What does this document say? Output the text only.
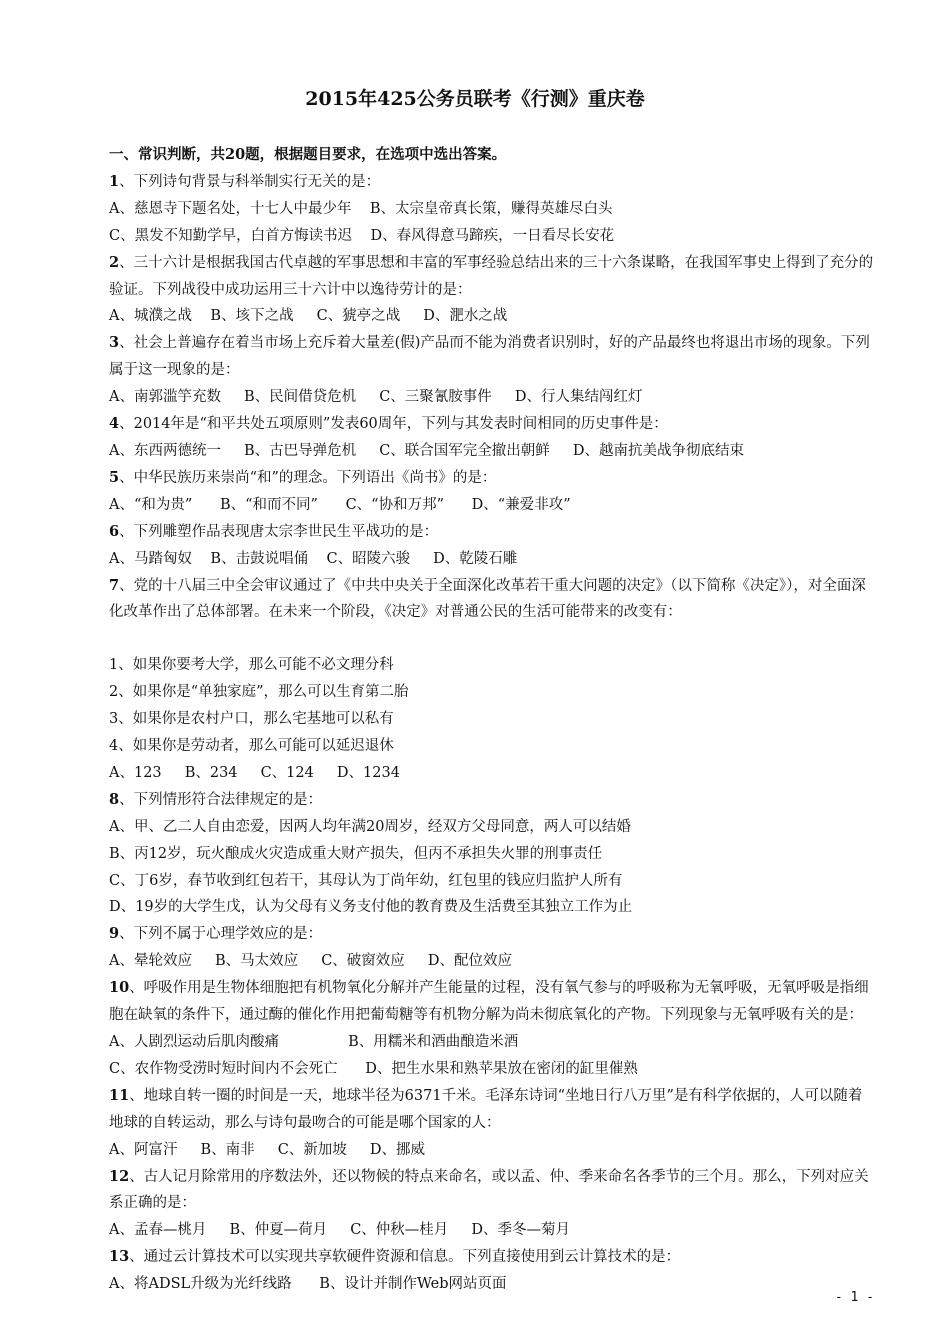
2015年425公务员联考《行测》重庆卷
一、常识判断，共20题，根据题目要求，在选项中选出答案。
1、下列诗句背景与科举制实行无关的是：
A、慈恩寺下题名处，十七人中最少年    B、太宗皇帝真长策，赚得英雄尽白头
C、黑发不知勤学早，白首方悔读书迟    D、春风得意马蹄疾，一日看尽长安花
2、三十六计是根据我国古代卓越的军事思想和丰富的军事经验总结出来的三十六条谋略，在我国军事史上得到了充分的验证。下列战役中成功运用三十六计中以逸待劳计的是：
A、城濮之战    B、垓下之战     C、猇亭之战     D、淝水之战
3、社会上普遍存在着当市场上充斥着大量差(假)产品而不能为消费者识别时，好的产品最终也将退出市场的现象。下列属于这一现象的是：
A、南郭滥竽充数     B、民间借贷危机     C、三聚氰胺事件     D、行人集结闯红灯
4、2014年是“和平共处五项原则”发表60周年，下列与其发表时间相同的历史事件是：
A、东西两德统一     B、古巴导弹危机     C、联合国军完全撤出朝鲜     D、越南抗美战争彻底结束
5、中华民族历来崇尚“和”的理念。下列语出《尚书》的是：
A、“和为贵”      B、“和而不同”      C、“协和万邦”      D、“兼爱非攻”
6、下列雕塑作品表现唐太宗李世民生平战功的是：
A、马踏匈奴    B、击鼓说唱俑    C、昭陵六骏     D、乾陵石雕
7、党的十八届三中全会审议通过了《中共中央关于全面深化改革若干重大问题的决定》（以下简称《决定》），对全面深化改革作出了总体部署。在未来一个阶段，《决定》对普通公民的生活可能带来的改变有：
1、如果你要考大学，那么可能不必文理分科
2、如果你是“单独家庭”，那么可以生育第二胎
3、如果你是农村户口，那么宅基地可以私有
4、如果你是劳动者，那么可能可以延迟退休
A、123     B、234     C、124     D、1234
8、下列情形符合法律规定的是：
A、甲、乙二人自由恋爱，因两人均年满20周岁，经双方父母同意，两人可以结婚
B、丙12岁，玩火酿成火灾造成重大财产损失，但丙不承担失火罪的刑事责任
C、丁6岁，春节收到红包若干，其母认为丁尚年幼，红包里的钱应归监护人所有
D、19岁的大学生戊，认为父母有义务支付他的教育费及生活费至其独立工作为止
9、下列不属于心理学效应的是：
A、晕轮效应     B、马太效应     C、破窗效应     D、配位效应
10、呼吸作用是生物体细胞把有机物氧化分解并产生能量的过程，没有氧气参与的呼吸称为无氧呼吸，无氧呼吸是指细胞在缺氧的条件下，通过酶的催化作用把葡萄糖等有机物分解为尚未彻底氧化的产物。下列现象与无氧呼吸有关的是：
A、人剧烈运动后肌肉酸痛               B、用糯米和酒曲酿造米酒
C、农作物受涝时短时间内不会死亡      D、把生水果和熟苹果放在密闭的缸里催熟
11、地球自转一圈的时间是一天，地球半径为6371千米。毛泽东诗词“坐地日行八万里”是有科学依据的，人可以随着地球的自转运动，那么与诗句最吻合的可能是哪个国家的人：
A、阿富汗     B、南非     C、新加坡     D、挪威
12、古人记月除常用的序数法外，还以物候的特点来命名，或以孟、仲、季来命名各季节的三个月。那么，下列对应关系正确的是：
A、孟春—桃月     B、仲夏—荷月     C、仲秋—桂月     D、季冬—菊月
13、通过云计算技术可以实现共享软硬件资源和信息。下列直接使用到云计算技术的是：
A、将ADSL升级为光纤线路      B、设计并制作Web网站页面
- 1 -
